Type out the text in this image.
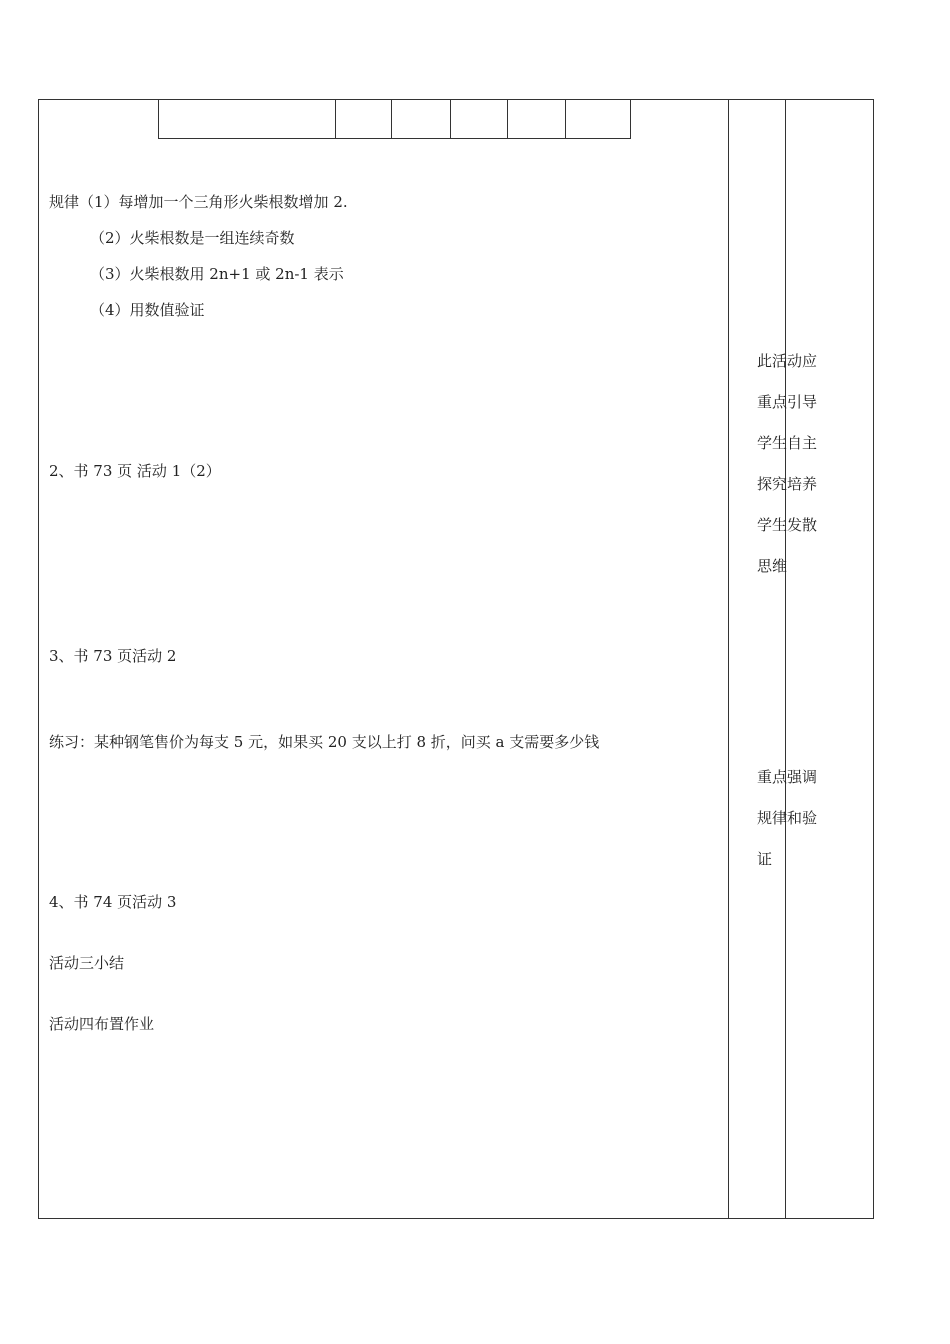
规律（1）每增加一个三角形火柴根数增加 2.
（2）火柴根数是一组连续奇数
（3）火柴根数用 2n+1 或 2n-1 表示
（4）用数值验证
2、书 73 页 活动 1（2）
3、书 73 页活动 2
练习：某种钢笔售价为每支 5 元，如果买 20 支以上打 8 折，问买 a 支需要多少钱
4、书 74 页活动 3
活动三小结
活动四布置作业
此活动应
重点引导
学生自主
探究培养
学生发散
思维
重点强调
规律和验
证
